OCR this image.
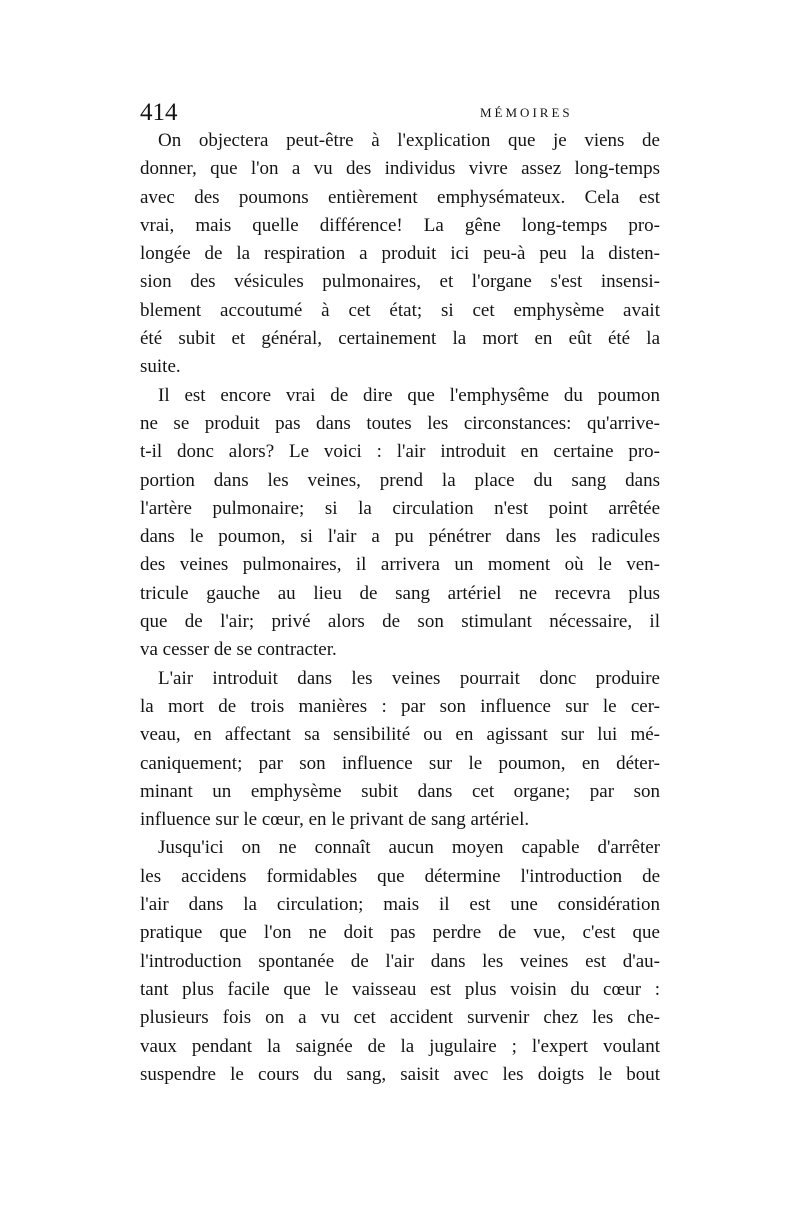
414	MÉMOIRES
On objectera peut-être à l'explication que je viens de
donner, que l'on a vu des individus vivre assez long-temps
avec des poumons entièrement emphysémateux. Cela est
vrai, mais quelle différence! La gêne long-temps pro-
longée de la respiration a produit ici peu-à peu la disten-
sion des vésicules pulmonaires, et l'organe s'est insensi-
blement accoutumé à cet état; si cet emphysème avait
été subit et général, certainement la mort en eût été la
suite.
Il est encore vrai de dire que l'emphysême du poumon
ne se produit pas dans toutes les circonstances: qu'arrive-
t-il donc alors? Le voici : l'air introduit en certaine pro-
portion dans les veines, prend la place du sang dans
l'artère pulmonaire; si la circulation n'est point arrêtée
dans le poumon, si l'air a pu pénétrer dans les radicules
des veines pulmonaires, il arrivera un moment où le ven-
tricule gauche au lieu de sang artériel ne recevra plus
que de l'air; privé alors de son stimulant nécessaire, il
va cesser de se contracter.
L'air introduit dans les veines pourrait donc produire
la mort de trois manières : par son influence sur le cer-
veau, en affectant sa sensibilité ou en agissant sur lui mé-
caniquement; par son influence sur le poumon, en déter-
minant un emphysème subit dans cet organe; par son
influence sur le cœur, en le privant de sang artériel.
Jusqu'ici on ne connaît aucun moyen capable d'arrêter
les accidens formidables que détermine l'introduction de
l'air dans la circulation; mais il est une considération
pratique que l'on ne doit pas perdre de vue, c'est que
l'introduction spontanée de l'air dans les veines est d'au-
tant plus facile que le vaisseau est plus voisin du cœur :
plusieurs fois on a vu cet accident survenir chez les che-
vaux pendant la saignée de la jugulaire ; l'expert voulant
suspendre le cours du sang, saisit avec les doigts le bout
